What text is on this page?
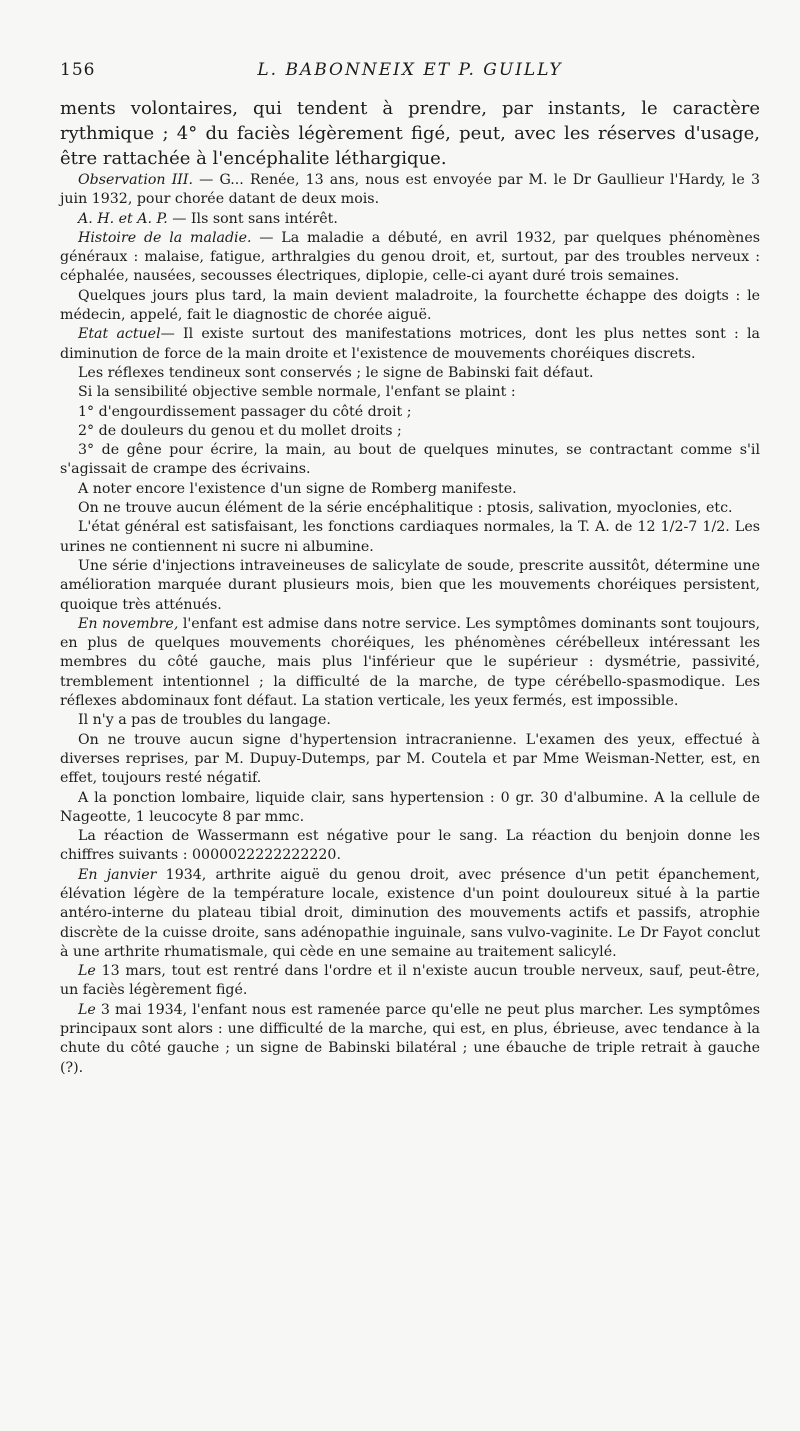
156	L. BABONNEIX ET P. GUILLY

ments volontaires, qui tendent à prendre, par instants, le caractère rythmique ; 4° du faciès légèrement figé, peut, avec les réserves d'usage, être rattachée à l'encéphalite léthargique.

Observation III. — G... Renée, 13 ans, nous est envoyée par M. le Dr Gaullieur l'Hardy, le 3 juin 1932, pour chorée datant de deux mois.

A. H. et A. P. — Ils sont sans intérêt.

Histoire de la maladie. — La maladie a débuté, en avril 1932, par quelques phénomènes généraux : malaise, fatigue, arthralgies du genou droit, et, surtout, par des troubles nerveux : céphalée, nausées, secousses électriques, diplopie, celle-ci ayant duré trois semaines.

Quelques jours plus tard, la main devient maladroite, la fourchette échappe des doigts : le médecin, appelé, fait le diagnostic de chorée aiguë.

Etat actuel— Il existe surtout des manifestations motrices, dont les plus nettes sont : la diminution de force de la main droite et l'existence de mouvements choréiques discrets.

Les réflexes tendineux sont conservés ; le signe de Babinski fait défaut.

Si la sensibilité objective semble normale, l'enfant se plaint :

1° d'engourdissement passager du côté droit ;

2° de douleurs du genou et du mollet droits ;

3° de gêne pour écrire, la main, au bout de quelques minutes, se contractant comme s'il s'agissait de crampe des écrivains.

A noter encore l'existence d'un signe de Romberg manifeste.

On ne trouve aucun élément de la série encéphalitique : ptosis, salivation, myoclonies, etc.

L'état général est satisfaisant, les fonctions cardiaques normales, la T. A. de 12 1/2-7 1/2. Les urines ne contiennent ni sucre ni albumine.

Une série d'injections intraveineuses de salicylate de soude, prescrite aussitôt, détermine une amélioration marquée durant plusieurs mois, bien que les mouvements choréiques persistent, quoique très atténués.

En novembre, l'enfant est admise dans notre service. Les symptômes dominants sont toujours, en plus de quelques mouvements choréiques, les phénomènes cérébelleux intéressant les membres du côté gauche, mais plus l'inférieur que le supérieur : dysmétrie, passivité, tremblement intentionnel ; la difficulté de la marche, de type cérébello-spasmodique. Les réflexes abdominaux font défaut. La station verticale, les yeux fermés, est impossible.

Il n'y a pas de troubles du langage.

On ne trouve aucun signe d'hypertension intracranienne. L'examen des yeux, effectué à diverses reprises, par M. Dupuy-Dutemps, par M. Coutela et par Mme Weisman-Netter, est, en effet, toujours resté négatif.

A la ponction lombaire, liquide clair, sans hypertension : 0 gr. 30 d'albumine. A la cellule de Nageotte, 1 leucocyte 8 par mmc.

La réaction de Wassermann est négative pour le sang. La réaction du benjoin donne les chiffres suivants : 0000022222222220.

En janvier 1934, arthrite aiguë du genou droit, avec présence d'un petit épanchement, élévation légère de la température locale, existence d'un point douloureux situé à la partie antéro-interne du plateau tibial droit, diminution des mouvements actifs et passifs, atrophie discrète de la cuisse droite, sans adénopathie inguinale, sans vulvo-vaginite. Le Dr Fayot conclut à une arthrite rhumatismale, qui cède en une semaine au traitement salicylé.

Le 13 mars, tout est rentré dans l'ordre et il n'existe aucun trouble nerveux, sauf, peut-être, un faciès légèrement figé.

Le 3 mai 1934, l'enfant nous est ramenée parce qu'elle ne peut plus marcher. Les symptômes principaux sont alors : une difficulté de la marche, qui est, en plus, ébrieuse, avec tendance à la chute du côté gauche ; un signe de Babinski bilatéral ; une ébauche de triple retrait à gauche (?).
